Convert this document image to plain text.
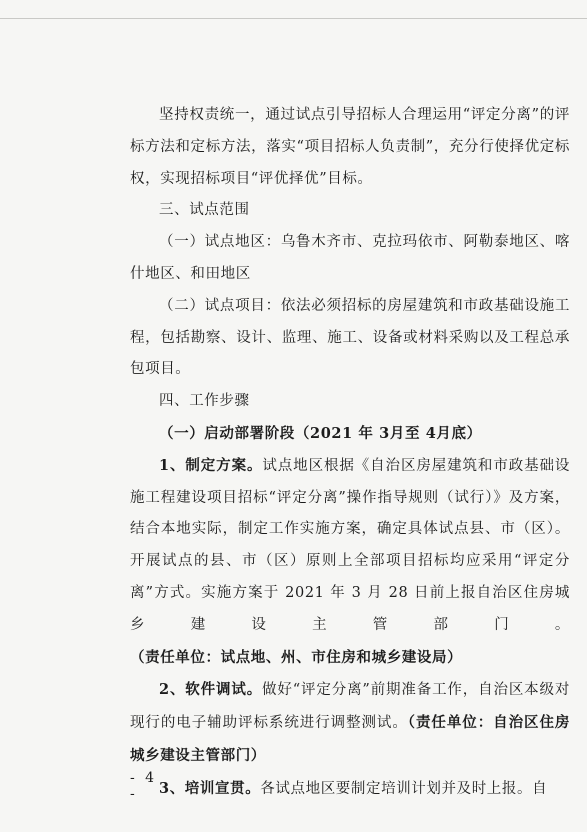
坚持权责统一，通过试点引导招标人合理运用“评定分离”的评标方法和定标方法，落实“项目招标人负责制”，充分行使择优定标权，实现招标项目“评优择优”目标。

三、试点范围

（一）试点地区：乌鲁木齐市、克拉玛依市、阿勒泰地区、喀什地区、和田地区

（二）试点项目：依法必须招标的房屋建筑和市政基础设施工程，包括勘察、设计、监理、施工、设备或材料采购以及工程总承包项目。

四、工作步骤

（一）启动部署阶段（2021 年 3月至 4月底）

1、制定方案。试点地区根据《自治区房屋建筑和市政基础设施工程建设项目招标“评定分离”操作指导规则（试行）》及方案，结合本地实际，制定工作实施方案，确定具体试点县、市（区）。开展试点的县、市（区）原则上全部项目招标均应采用“评定分离”方式。实施方案于 2021 年 3 月 28 日前上报自治区住房城乡建设主管部门。（责任单位：试点地、州、市住房和城乡建设局）

2、软件调试。做好“评定分离”前期准备工作，自治区本级对现行的电子辅助评标系统进行调整测试。（责任单位：自治区住房城乡建设主管部门）

3、培训宣贯。各试点地区要制定培训计划并及时上报。自

- 4 -
